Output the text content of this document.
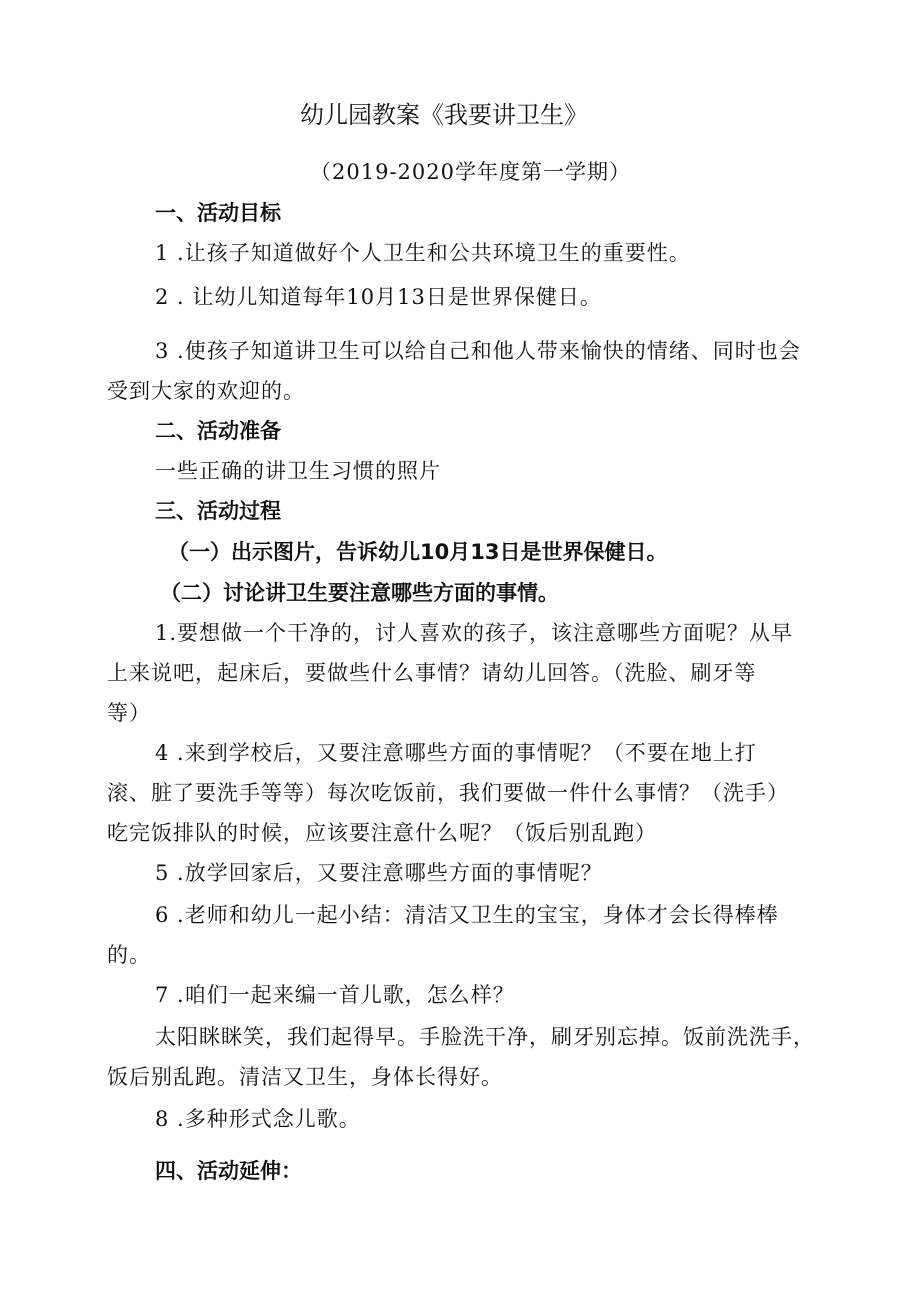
幼儿园教案《我要讲卫生》
（2019-2020学年度第一学期）
一、活动目标
1 .让孩子知道做好个人卫生和公共环境卫生的重要性。
2 . 让幼儿知道每年10月13日是世界保健日。
3 .使孩子知道讲卫生可以给自己和他人带来愉快的情绪、同时也会
受到大家的欢迎的。
二、活动准备
一些正确的讲卫生习惯的照片
三、活动过程
（一）出示图片，告诉幼儿10月13日是世界保健日。
（二）讨论讲卫生要注意哪些方面的事情。
1.要想做一个干净的，讨人喜欢的孩子，该注意哪些方面呢？从早
上来说吧，起床后，要做些什么事情？请幼儿回答。（洗脸、刷牙等
等）
4 .来到学校后，又要注意哪些方面的事情呢？（不要在地上打
滚、脏了要洗手等等）每次吃饭前，我们要做一件什么事情？（洗手）
吃完饭排队的时候，应该要注意什么呢？（饭后别乱跑）
5 .放学回家后，又要注意哪些方面的事情呢？
6 .老师和幼儿一起小结：清洁又卫生的宝宝，身体才会长得棒棒
的。
7 .咱们一起来编一首儿歌，怎么样？
太阳眯眯笑，我们起得早。手脸洗干净，刷牙别忘掉。饭前洗洗手，
饭后别乱跑。清洁又卫生，身体长得好。
8 .多种形式念儿歌。
四、活动延伸：
